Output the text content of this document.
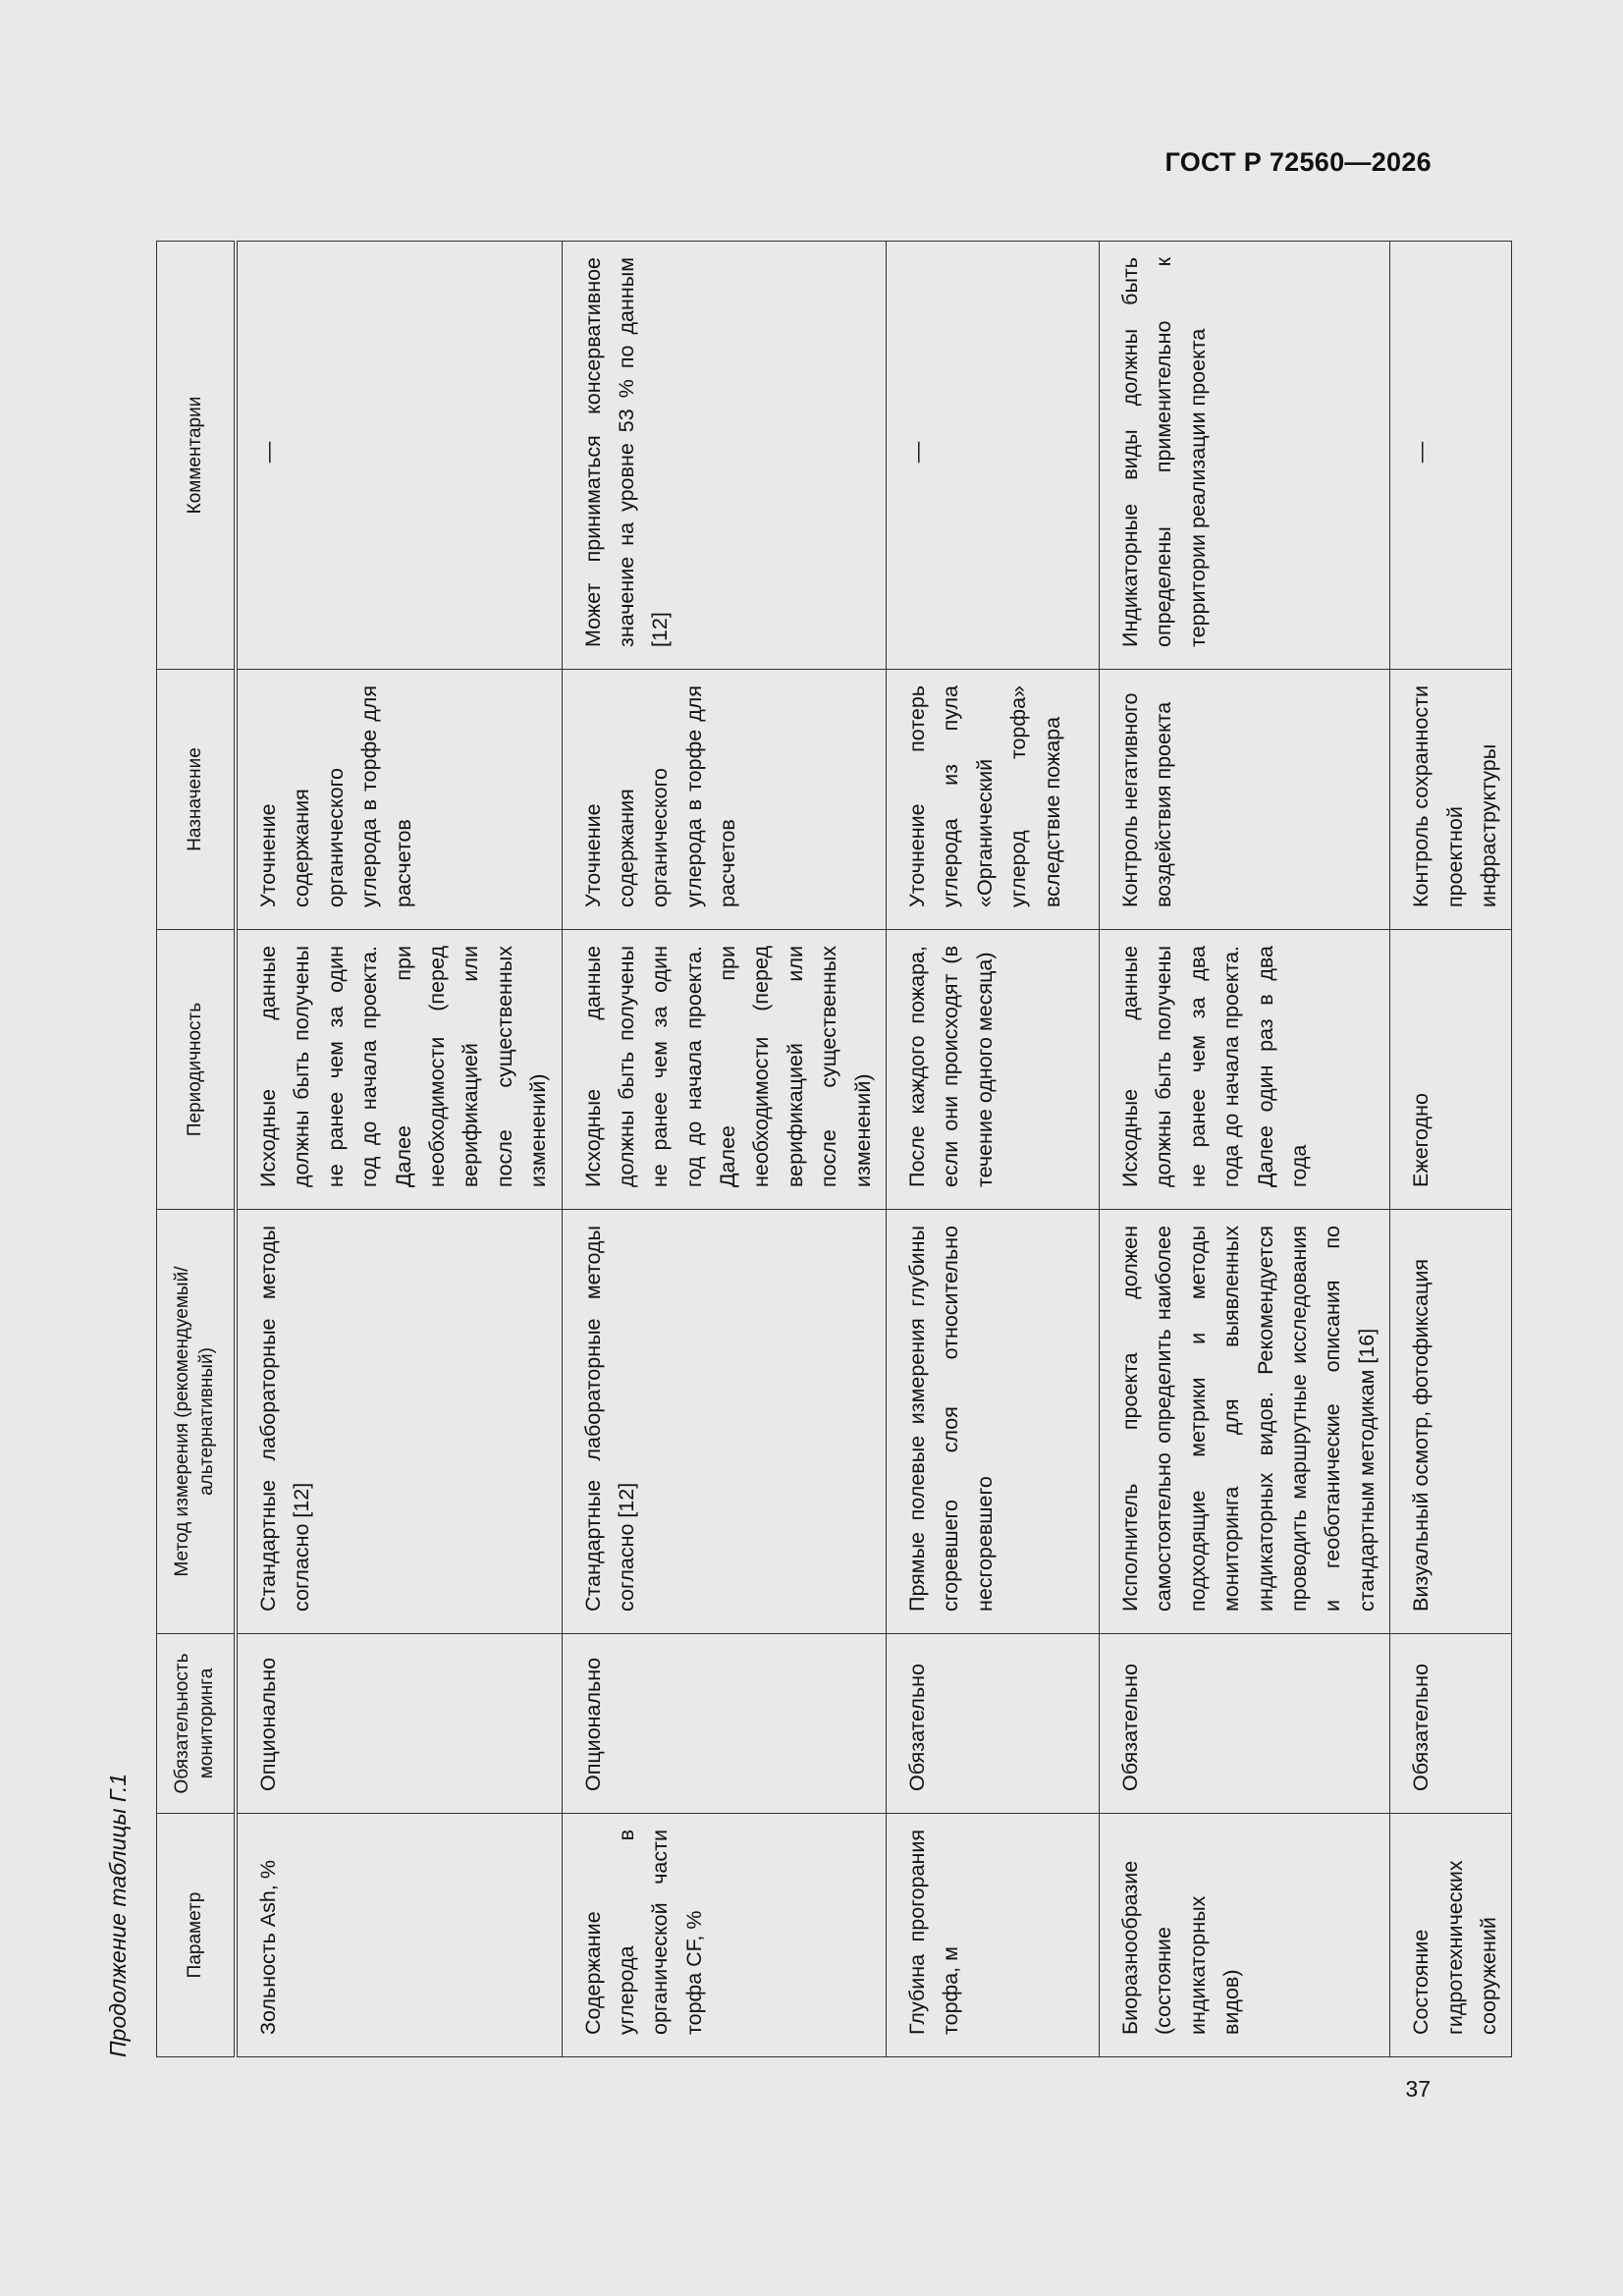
ГОСТ Р 72560—2026
Продолжение таблицы Г.1	Параметр	Обязательность мониторинга	Метод измерения (рекомендуемый/ альтернативный)	Периодичность	Назначение	Комментарии
Зольность Ash, %	Опционально	Стандартные лабораторные методы согласно [12]	Исходные данные должны быть получены не ранее чем за один год до начала проекта. Далее при необходимости (перед верификацией или после существенных изменений)	Уточнение содержания органического углерода в торфе для расчетов	—
Содержание углерода в органической части торфа CF, %	Опционально	Стандартные лабораторные методы согласно [12]	Исходные данные должны быть получены не ранее чем за один год до начала проекта. Далее при необходимости (перед верификацией или после существенных изменений)	Уточнение содержания органического углерода в торфе для расчетов	Может приниматься консервативное значение на уровне 53 % по данным [12]
Глубина прогорания торфа, м	Обязательно	Прямые полевые измерения глубины сгоревшего слоя относительно несгоревшего	После каждого пожара, если они происходят (в течение одного месяца)	Уточнение потерь углерода из пула «Органический углерод торфа» вследствие пожара	—
Биоразнообразие (состояние индикаторных видов)	Обязательно	Исполнитель проекта должен самостоятельно определить наиболее подходящие метрики и методы мониторинга для выявленных индикаторных видов. Рекомендуется проводить маршрутные исследования и геоботанические описания по стандартным методикам [16]	Исходные данные должны быть получены не ранее чем за два года до начала проекта. Далее один раз в два года	Контроль негативного воздействия проекта	Индикаторные виды должны быть определены применительно к территории реализации проекта
Состояние гидротехнических сооружений	Обязательно	Визуальный осмотр, фотофиксация	Ежегодно	Контроль сохранности проектной инфраструктуры	—
37
